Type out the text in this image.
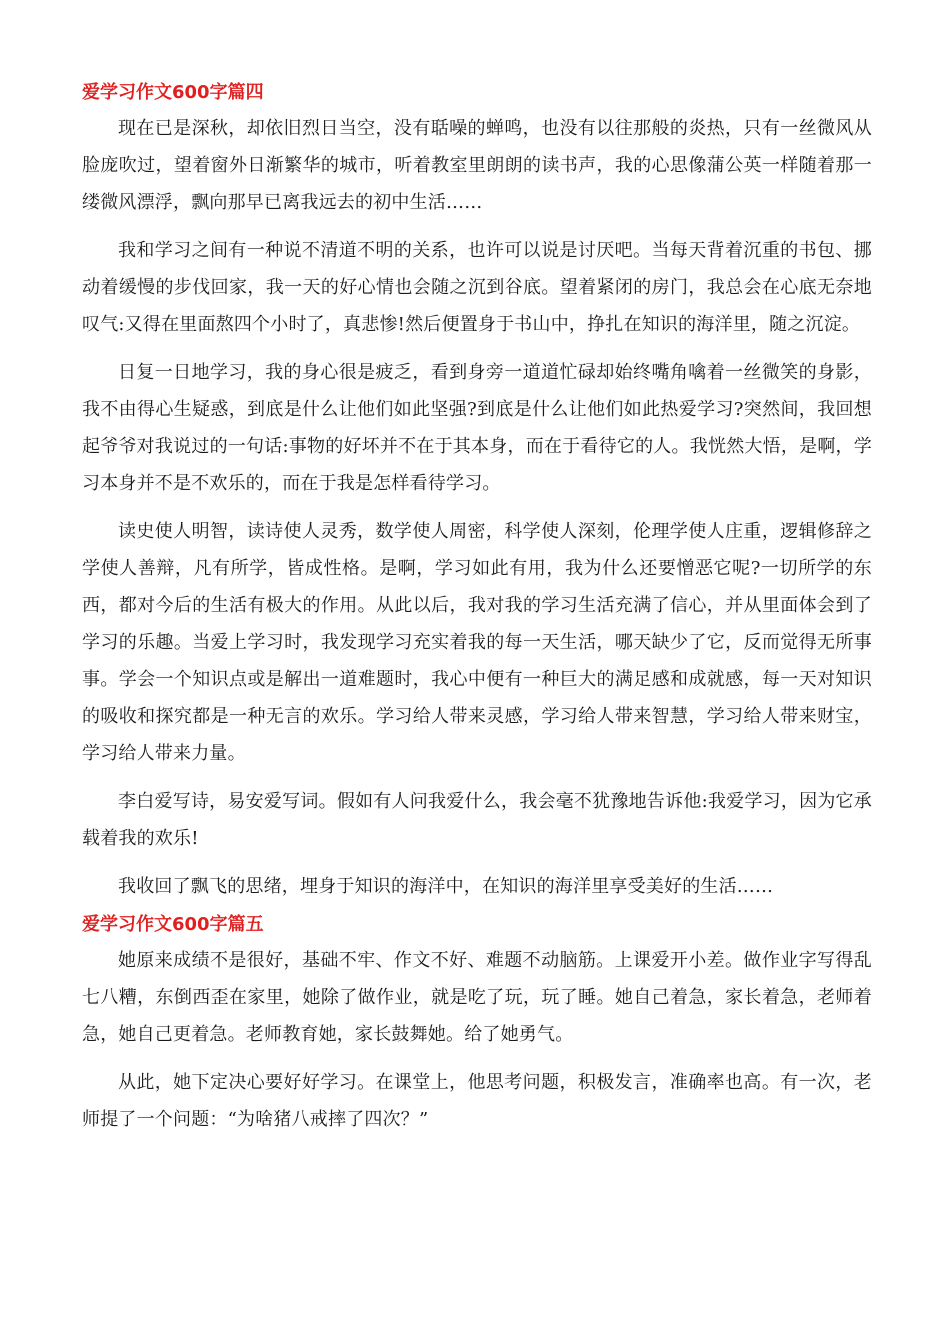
爱学习作文600字篇四

现在已是深秋，却依旧烈日当空，没有聒噪的蝉鸣，也没有以往那般的炎热，只有一丝微风从脸庞吹过，望着窗外日渐繁华的城市，听着教室里朗朗的读书声，我的心思像蒲公英一样随着那一缕微风漂浮，飘向那早已离我远去的初中生活……

我和学习之间有一种说不清道不明的关系，也许可以说是讨厌吧。当每天背着沉重的书包、挪动着缓慢的步伐回家，我一天的好心情也会随之沉到谷底。望着紧闭的房门，我总会在心底无奈地叹气:又得在里面熬四个小时了，真悲惨!然后便置身于书山中，挣扎在知识的海洋里，随之沉淀。

日复一日地学习，我的身心很是疲乏，看到身旁一道道忙碌却始终嘴角噙着一丝微笑的身影，我不由得心生疑惑，到底是什么让他们如此坚强?到底是什么让他们如此热爱学习?突然间，我回想起爷爷对我说过的一句话:事物的好坏并不在于其本身，而在于看待它的人。我恍然大悟，是啊，学习本身并不是不欢乐的，而在于我是怎样看待学习。

读史使人明智，读诗使人灵秀，数学使人周密，科学使人深刻，伦理学使人庄重，逻辑修辞之学使人善辩，凡有所学，皆成性格。是啊，学习如此有用，我为什么还要憎恶它呢?一切所学的东西，都对今后的生活有极大的作用。从此以后，我对我的学习生活充满了信心，并从里面体会到了学习的乐趣。当爱上学习时，我发现学习充实着我的每一天生活，哪天缺少了它，反而觉得无所事事。学会一个知识点或是解出一道难题时，我心中便有一种巨大的满足感和成就感，每一天对知识的吸收和探究都是一种无言的欢乐。学习给人带来灵感，学习给人带来智慧，学习给人带来财宝，学习给人带来力量。

李白爱写诗，易安爱写词。假如有人问我爱什么，我会毫不犹豫地告诉他:我爱学习，因为它承载着我的欢乐!

我收回了飘飞的思绪，埋身于知识的海洋中，在知识的海洋里享受美好的生活……

爱学习作文600字篇五

她原来成绩不是很好，基础不牢、作文不好、难题不动脑筋。上课爱开小差。做作业字写得乱七八糟，东倒西歪在家里，她除了做作业，就是吃了玩，玩了睡。她自己着急，家长着急，老师着急，她自己更着急。老师教育她，家长鼓舞她。给了她勇气。

从此，她下定决心要好好学习。在课堂上，他思考问题，积极发言，准确率也高。有一次，老师提了一个问题：“为啥猪八戒摔了四次？”
